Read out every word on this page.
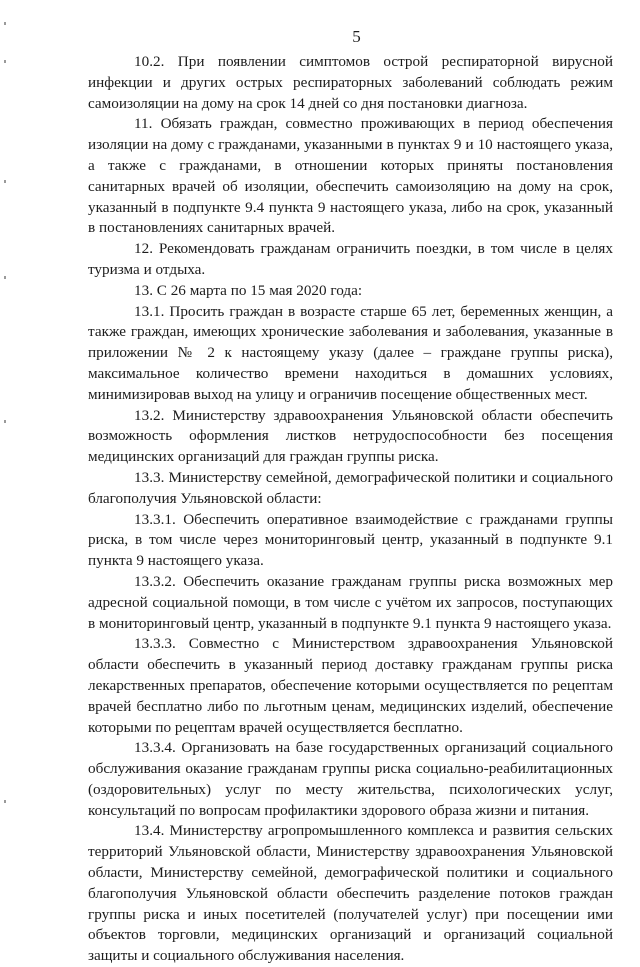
5

10.2. При появлении симптомов острой респираторной вирусной инфекции и других острых респираторных заболеваний соблюдать режим самоизоляции на дому на срок 14 дней со дня постановки диагноза.

11. Обязать граждан, совместно проживающих в период обеспечения изоляции на дому с гражданами, указанными в пунктах 9 и 10 настоящего указа, а также с гражданами, в отношении которых приняты постановления санитарных врачей об изоляции, обеспечить самоизоляцию на дому на срок, указанный в подпункте 9.4 пункта 9 настоящего указа, либо на срок, указанный в постановлениях санитарных врачей.

12. Рекомендовать гражданам ограничить поездки, в том числе в целях туризма и отдыха.

13. С 26 марта по 15 мая 2020 года:

13.1. Просить граждан в возрасте старше 65 лет, беременных женщин, а также граждан, имеющих хронические заболевания и заболевания, указанные в приложении № 2 к настоящему указу (далее – граждане группы риска), максимальное количество времени находиться в домашних условиях, минимизировав выход на улицу и ограничив посещение общественных мест.

13.2. Министерству здравоохранения Ульяновской области обеспечить возможность оформления листков нетрудоспособности без посещения медицинских организаций для граждан группы риска.

13.3. Министерству семейной, демографической политики и социального благополучия Ульяновской области:

13.3.1. Обеспечить оперативное взаимодействие с гражданами группы риска, в том числе через мониторинговый центр, указанный в подпункте 9.1 пункта 9 настоящего указа.

13.3.2. Обеспечить оказание гражданам группы риска возможных мер адресной социальной помощи, в том числе с учётом их запросов, поступающих в мониторинговый центр, указанный в подпункте 9.1 пункта 9 настоящего указа.

13.3.3. Совместно с Министерством здравоохранения Ульяновской области обеспечить в указанный период доставку гражданам группы риска лекарственных препаратов, обеспечение которыми осуществляется по рецептам врачей бесплатно либо по льготным ценам, медицинских изделий, обеспечение которыми по рецептам врачей осуществляется бесплатно.

13.3.4. Организовать на базе государственных организаций социального обслуживания оказание гражданам группы риска социально-реабилитационных (оздоровительных) услуг по месту жительства, психологических услуг, консультаций по вопросам профилактики здорового образа жизни и питания.

13.4. Министерству агропромышленного комплекса и развития сельских территорий Ульяновской области, Министерству здравоохранения Ульяновской области, Министерству семейной, демографической политики и социального благополучия Ульяновской области обеспечить разделение потоков граждан группы риска и иных посетителей (получателей услуг) при посещении ими объектов торговли, медицинских организаций и организаций социальной защиты и социального обслуживания населения.
